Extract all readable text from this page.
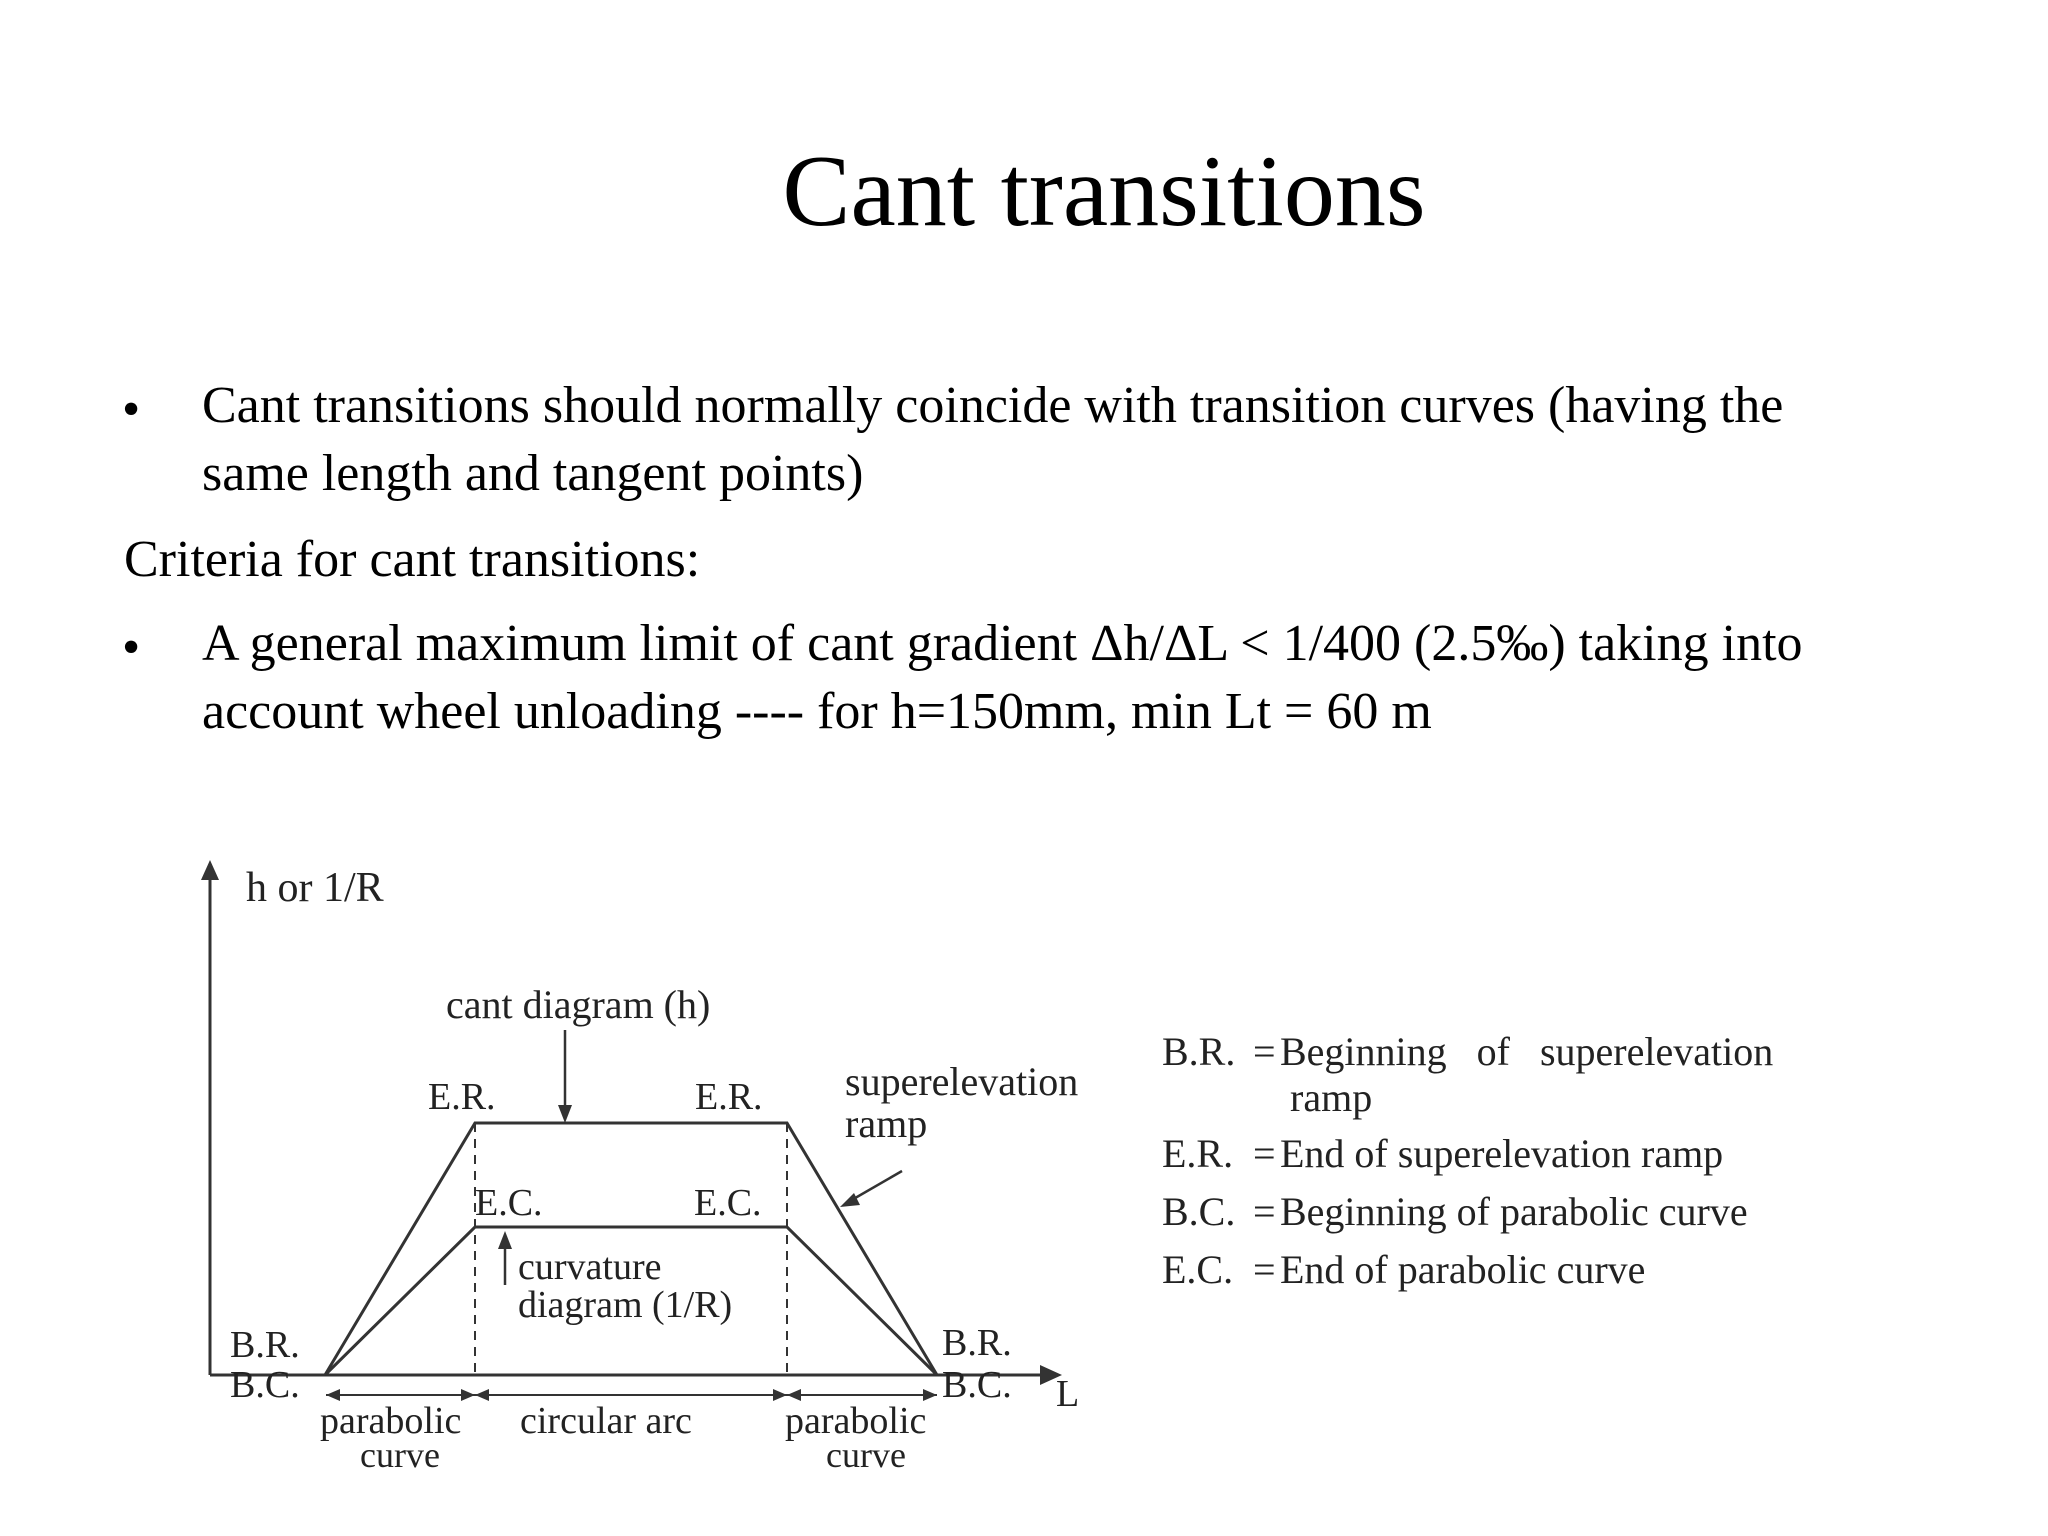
Cant transitions
• Cant transitions should normally coincide with transition curves (having the same length and tangent points)
Criteria for cant transitions:
• A general maximum limit of cant gradient Δh/ΔL < 1/400 (2.5‰) taking into account wheel unloading ---- for h=150mm, min Lt = 60 m
h or 1/R
L
cant diagram (h)
curvature
diagram (1/R)
superelevation
ramp
E.R.	E.R.
E.C.	E.C.
B.R.
B.C.
B.R.
B.C.
parabolic
curve
circular arc parabolic
curve
B.R. = Beginning   of   superelevation
ramp
E.R. = End of superelevation ramp
B.C. = Beginning of parabolic curve
E.C. = End of parabolic curve
